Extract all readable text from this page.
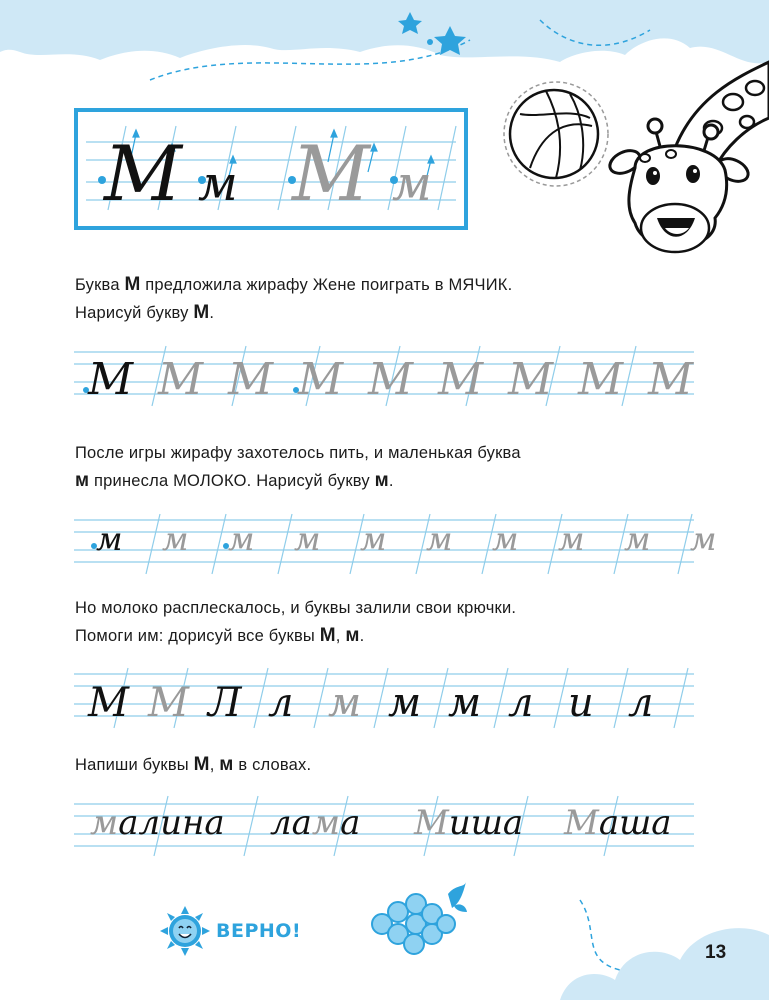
М м М м
Буква М предложила жирафу Жене поиграть в МЯЧИК.
Нарисуй букву М.
М М М М М М М М М
После игры жирафу захотелось пить, и маленькая буква
м принесла МОЛОКО. Нарисуй букву м.
м м м м м м м м м м
Но молоко расплескалось, и буквы залили свои крючки.
Помоги им: дорисуй все буквы М, м.
М М Л л м м м л и л
Напиши буквы М, м в словах.
малина лама Миша Маша
ВЕРНО!
13
